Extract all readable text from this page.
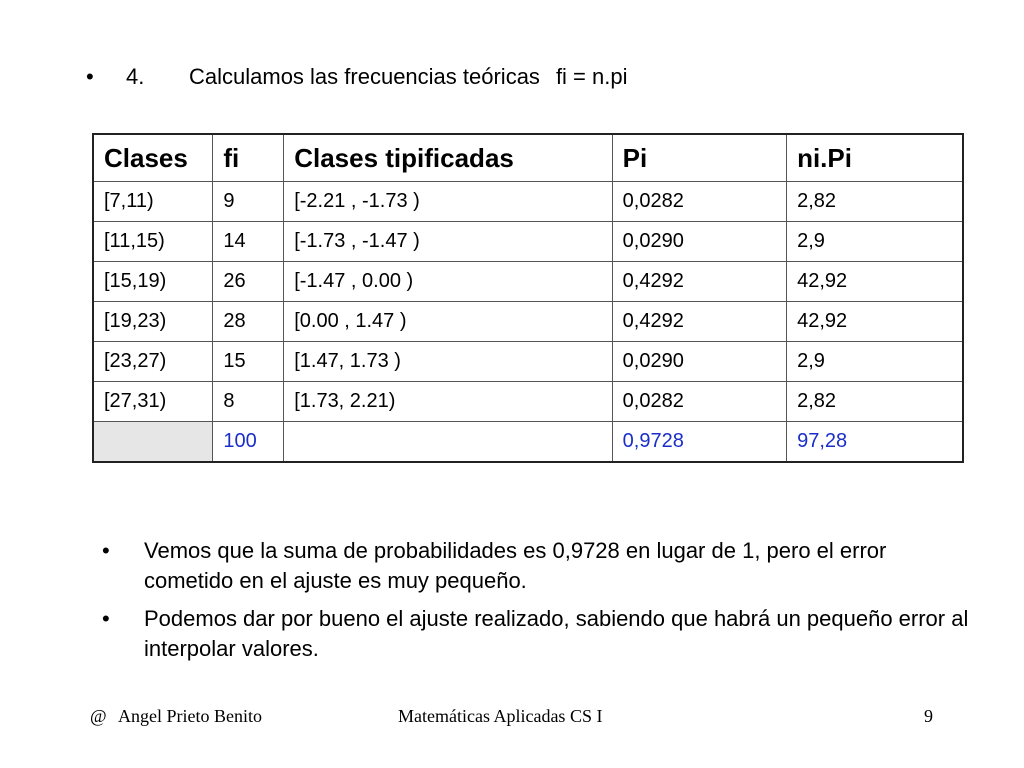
• 4. Calculamos las frecuencias teóricas fi = n.pi
Clases	fi	Clases tipificadas	Pi	ni.Pi
[7,11)	9	[-2.21 , -1.73 )	0,0282	2,82
[11,15)	14	[-1.73 , -1.47 )	0,0290	2,9
[15,19)	26	[-1.47 , 0.00 )	0,4292	42,92
[19,23)	28	[0.00 , 1.47 )	0,4292	42,92
[23,27)	15	[1.47, 1.73 )	0,0290	2,9
[27,31)	8	[1.73, 2.21)	0,0282	2,82
	100		0,9728	97,28
• Vemos que la suma de probabilidades es 0,9728 en lugar de 1, pero el error cometido en el ajuste es muy pequeño.
• Podemos dar por bueno el ajuste realizado, sabiendo que habrá un pequeño error al interpolar valores.
@ Angel Prieto Benito	Matemáticas Aplicadas CS I	9
